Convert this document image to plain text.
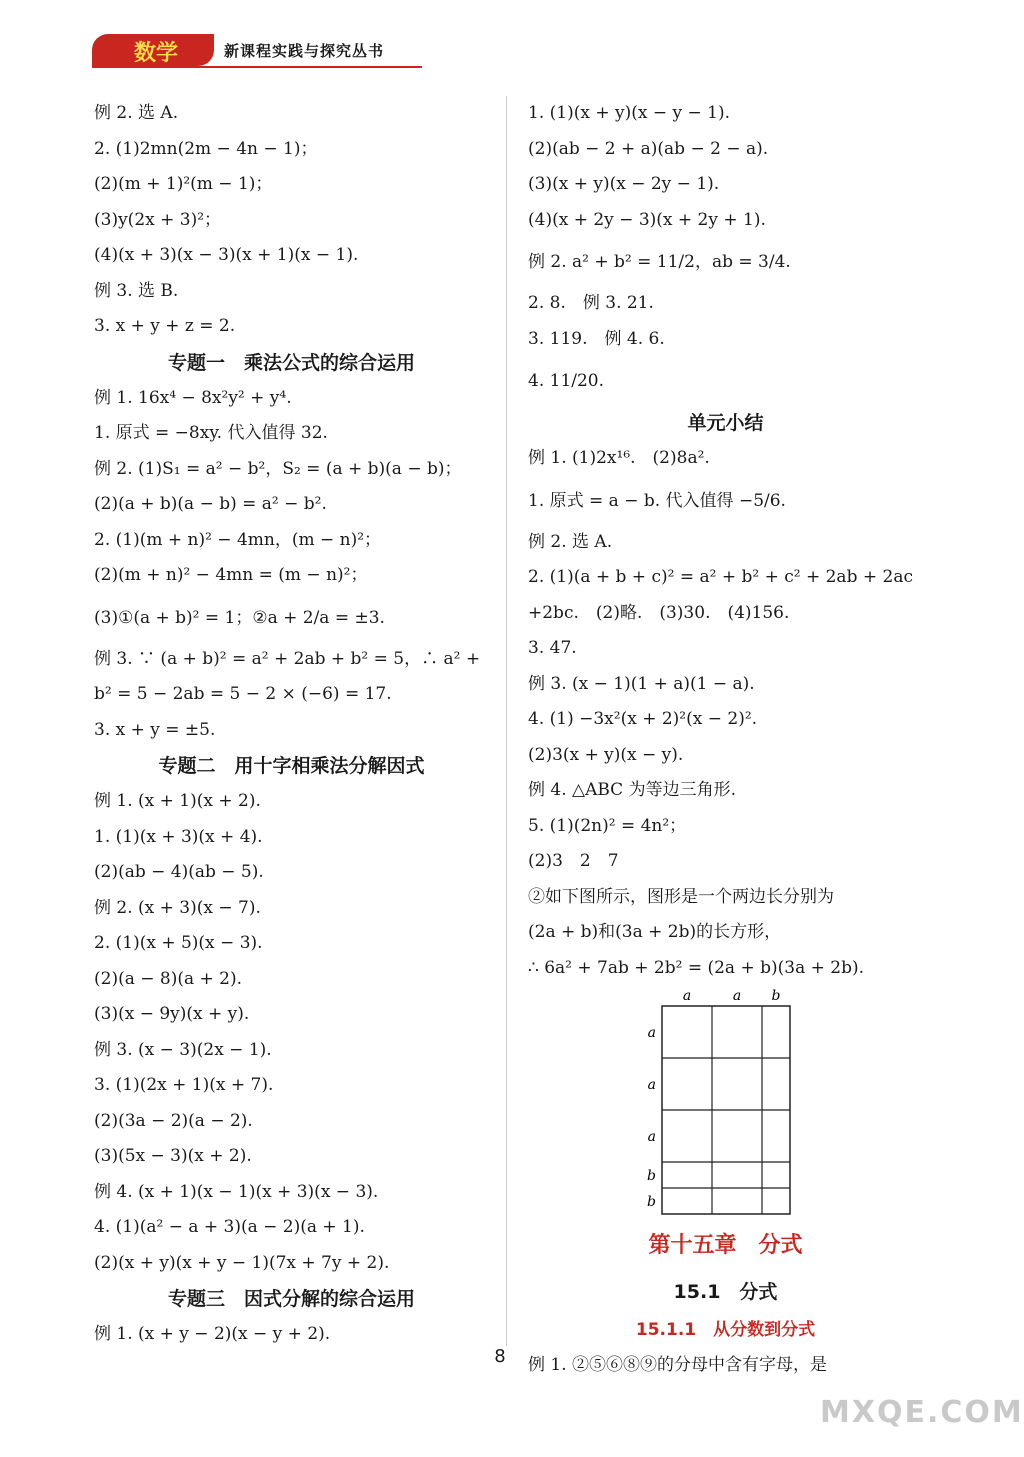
数学	新课程实践与探究丛书
例 2. 选 A.
2. (1)2mn(2m − 4n − 1)；
(2)(m + 1)²(m − 1)；
(3)y(2x + 3)²；
(4)(x + 3)(x − 3)(x + 1)(x − 1).
例 3. 选 B.
3. x + y + z = 2.
专题一　乘法公式的综合运用
例 1. 16x⁴ − 8x²y² + y⁴.
1. 原式 = −8xy. 代入值得 32.
例 2. (1)S₁ = a² − b²，S₂ = (a + b)(a − b)；
(2)(a + b)(a − b) = a² − b².
2. (1)(m + n)² − 4mn，(m − n)²；
(2)(m + n)² − 4mn = (m − n)²；
(3)①(a + b)² = 1；②a + 2/a = ±3.
例 3. ∵ (a + b)² = a² + 2ab + b² = 5，∴ a² +
b² = 5 − 2ab = 5 − 2 × (−6) = 17.
3. x + y = ±5.
专题二　用十字相乘法分解因式
例 1. (x + 1)(x + 2).
1. (1)(x + 3)(x + 4).
(2)(ab − 4)(ab − 5).
例 2. (x + 3)(x − 7).
2. (1)(x + 5)(x − 3).
(2)(a − 8)(a + 2).
(3)(x − 9y)(x + y).
例 3. (x − 3)(2x − 1).
3. (1)(2x + 1)(x + 7).
(2)(3a − 2)(a − 2).
(3)(5x − 3)(x + 2).
例 4. (x + 1)(x − 1)(x + 3)(x − 3).
4. (1)(a² − a + 3)(a − 2)(a + 1).
(2)(x + y)(x + y − 1)(7x + 7y + 2).
专题三　因式分解的综合运用
例 1. (x + y − 2)(x − y + 2).
1. (1)(x + y)(x − y − 1).
(2)(ab − 2 + a)(ab − 2 − a).
(3)(x + y)(x − 2y − 1).
(4)(x + 2y − 3)(x + 2y + 1).
例 2. a² + b² = 11/2，ab = 3/4.
2. 8.　例 3. 21.
3. 119.　例 4. 6.
4. 11/20.
单元小结
例 1. (1)2x¹⁶.　(2)8a².
1. 原式 = a − b. 代入值得 −5/6.
例 2. 选 A.
2. (1)(a + b + c)² = a² + b² + c² + 2ab + 2ac
+2bc.　(2)略.　(3)30.　(4)156.
3. 47.
例 3. (x − 1)(1 + a)(1 − a).
4. (1) −3x²(x + 2)²(x − 2)².
(2)3(x + y)(x − y).
例 4. △ABC 为等边三角形.
5. (1)(2n)² = 4n²；
(2)3　2　7
②如下图所示，图形是一个两边长分别为
(2a + b)和(3a + 2b)的长方形，
∴ 6a² + 7ab + 2b² = (2a + b)(3a + 2b).
a	a b
a
a
a
b
b
第十五章　分式
15.1　分式
15.1.1　从分数到分式
例 1. ②⑤⑥⑧⑨的分母中含有字母，是
8
MXQE.COM
